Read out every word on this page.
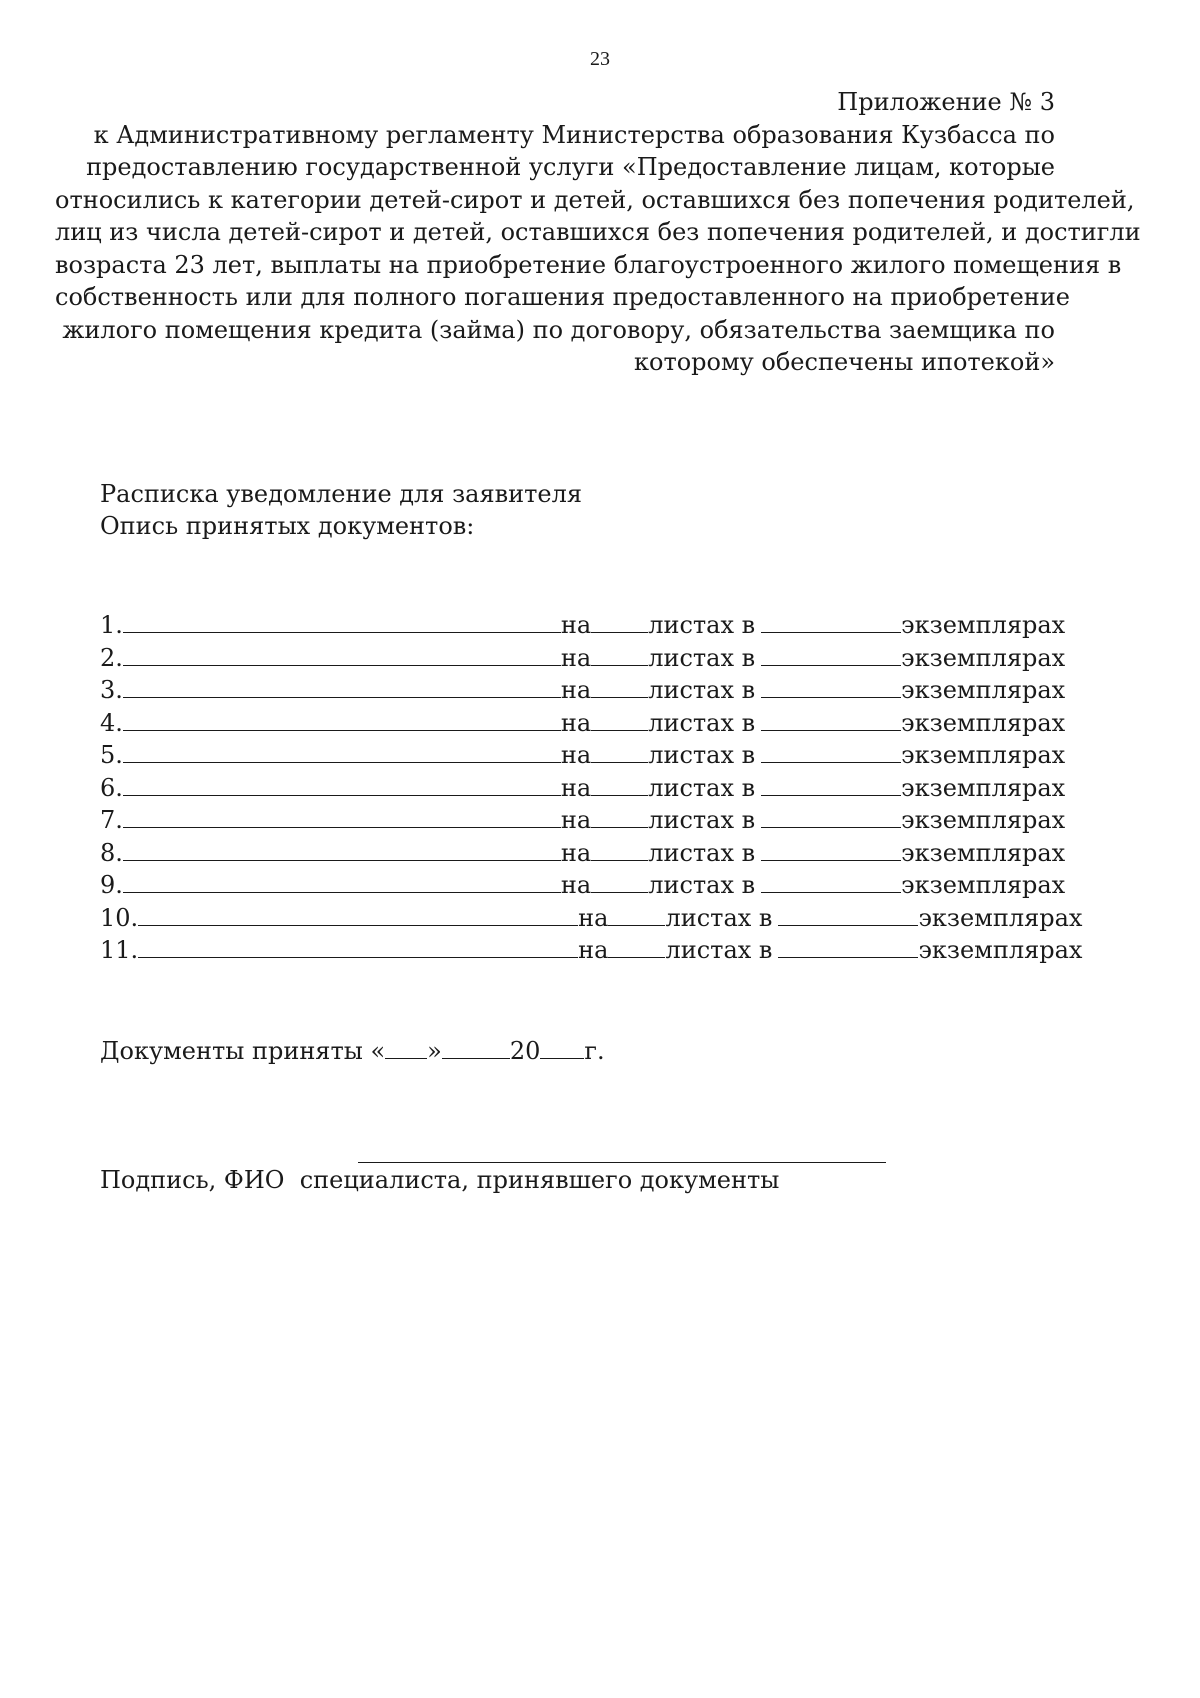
23
Приложение № 3
к Административному регламенту Министерства образования Кузбасса по
предоставлению государственной услуги «Предоставление лицам, которые
относились к категории детей-сирот и детей, оставшихся без попечения родителей,
лиц из числа детей-сирот и детей, оставшихся без попечения родителей, и достигли
возраста 23 лет, выплаты на приобретение благоустроенного жилого помещения в
собственность или для полного погашения предоставленного на приобретение
жилого помещения кредита (займа) по договору, обязательства заемщика по
которому обеспечены ипотекой»
Расписка уведомление для заявителя
Опись принятых документов:
1.	на листах в	экземплярах
2.	на листах в	экземплярах
3.	на листах в	экземплярах
4.	на листах в	экземплярах
5.	на листах в	экземплярах
6.	на листах в	экземплярах
7.	на листах в	экземплярах
8.	на листах в	экземплярах
9.	на листах в	экземплярах
10.	на листах в	экземплярах
11.	на листах в	экземплярах
Документы приняты « »	20 г.
Подпись, ФИО  специалиста, принявшего документы
